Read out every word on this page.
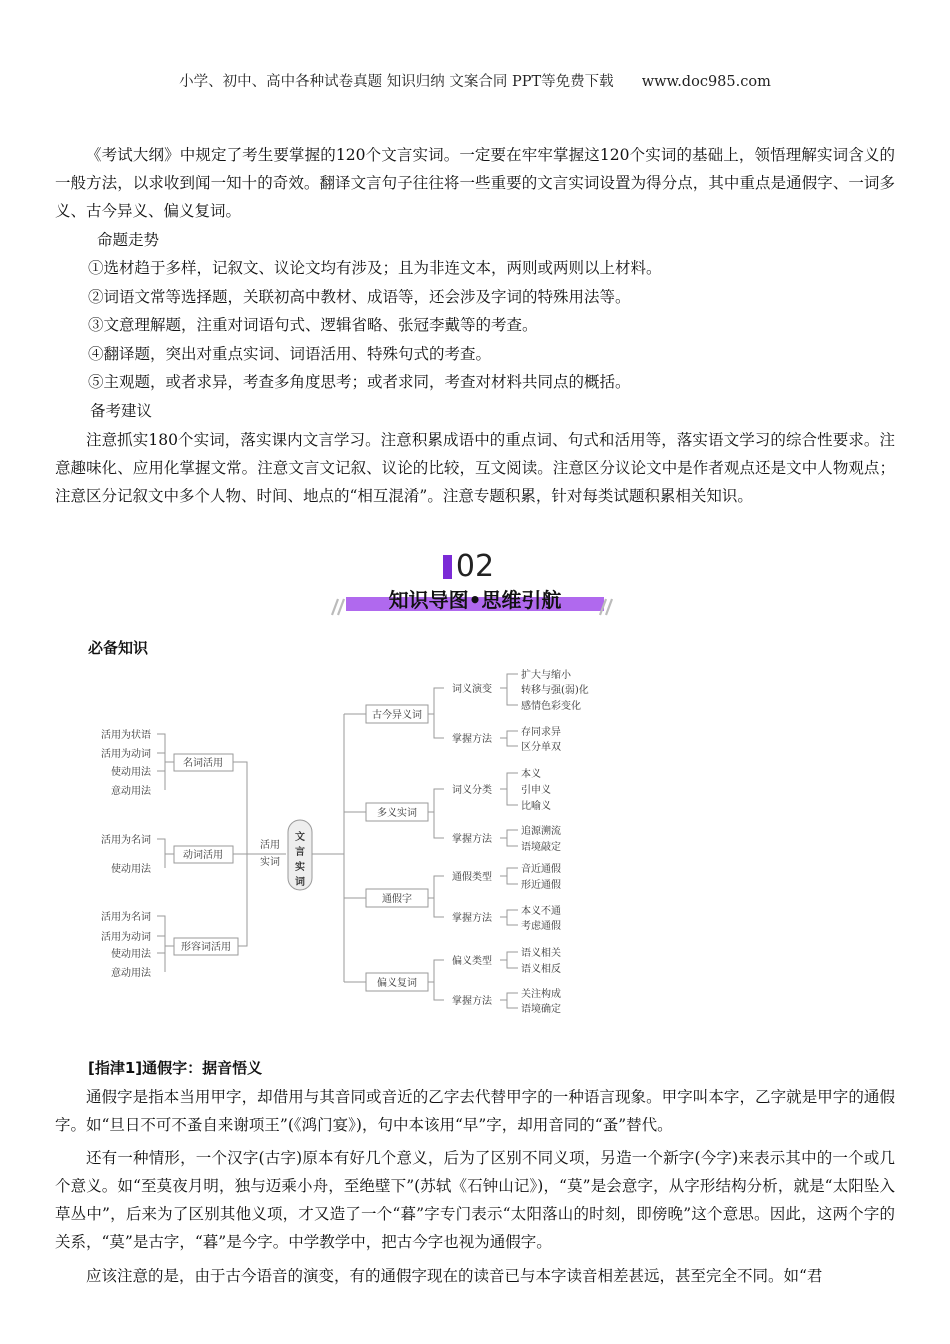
小学、初中、高中各种试卷真题 知识归纳 文案合同 PPT等免费下载 www.doc985.com

《考试大纲》中规定了考生要掌握的120个文言实词。一定要在牢牢掌握这120个实词的基础上，领悟理解实词含义的一般方法，以求收到闻一知十的奇效。翻译文言句子往往将一些重要的文言实词设置为得分点，其中重点是通假字、一词多义、古今异义、偏义复词。

命题走势

①选材趋于多样，记叙文、议论文均有涉及；且为非连文本，两则或两则以上材料。

②词语文常等选择题，关联初高中教材、成语等，还会涉及字词的特殊用法等。

③文意理解题，注重对词语句式、逻辑省略、张冠李戴等的考查。

④翻译题，突出对重点实词、词语活用、特殊句式的考查。

⑤主观题，或者求异，考查多角度思考；或者求同，考查对材料共同点的概括。

备考建议

注意抓实180个实词，落实课内文言学习。注意积累成语中的重点词、句式和活用等，落实语文学习的综合性要求。注意趣味化、应用化掌握文常。注意文言文记叙、议论的比较，互文阅读。注意区分议论文中是作者观点还是文中人物观点；注意区分记叙文中多个人物、时间、地点的“相互混淆”。注意专题积累，针对每类试题积累相关知识。

02
知识导图•思维引航

必备知识

活用为状语
活用为动词
使动用法
意动用法
名词活用
活用为名词
使动用法
动词活用
活用为名词
活用为动词
使动用法
意动用法
形容词活用
活用
实词
文言实词
古今异义词
词义演变
扩大与缩小
转移与强(弱)化
感情色彩变化
掌握方法
存同求异
区分单双
多义实词
词义分类
本义
引申义
比喻义
掌握方法
追源溯流
语境敲定
通假字
通假类型
音近通假
形近通假
掌握方法
本义不通
考虑通假
偏义复词
偏义类型
语义相关
语义相反
掌握方法
关注构成
语境确定

[指津1]通假字：据音悟义

通假字是指本当用甲字，却借用与其音同或音近的乙字去代替甲字的一种语言现象。甲字叫本字，乙字就是甲字的通假字。如“旦日不可不蚤自来谢项王”(《鸿门宴》)，句中本该用“早”字，却用音同的“蚤”替代。

还有一种情形，一个汉字(古字)原本有好几个意义，后为了区别不同义项，另造一个新字(今字)来表示其中的一个或几个意义。如“至莫夜月明，独与迈乘小舟，至绝壁下”(苏轼《石钟山记》)，“莫”是会意字，从字形结构分析，就是“太阳坠入草丛中”，后来为了区别其他义项，才又造了一个“暮”字专门表示“太阳落山的时刻，即傍晚”这个意思。因此，这两个字的关系，“莫”是古字，“暮”是今字。中学教学中，把古今字也视为通假字。

应该注意的是，由于古今语音的演变，有的通假字现在的读音已与本字读音相差甚远，甚至完全不同。如“君
